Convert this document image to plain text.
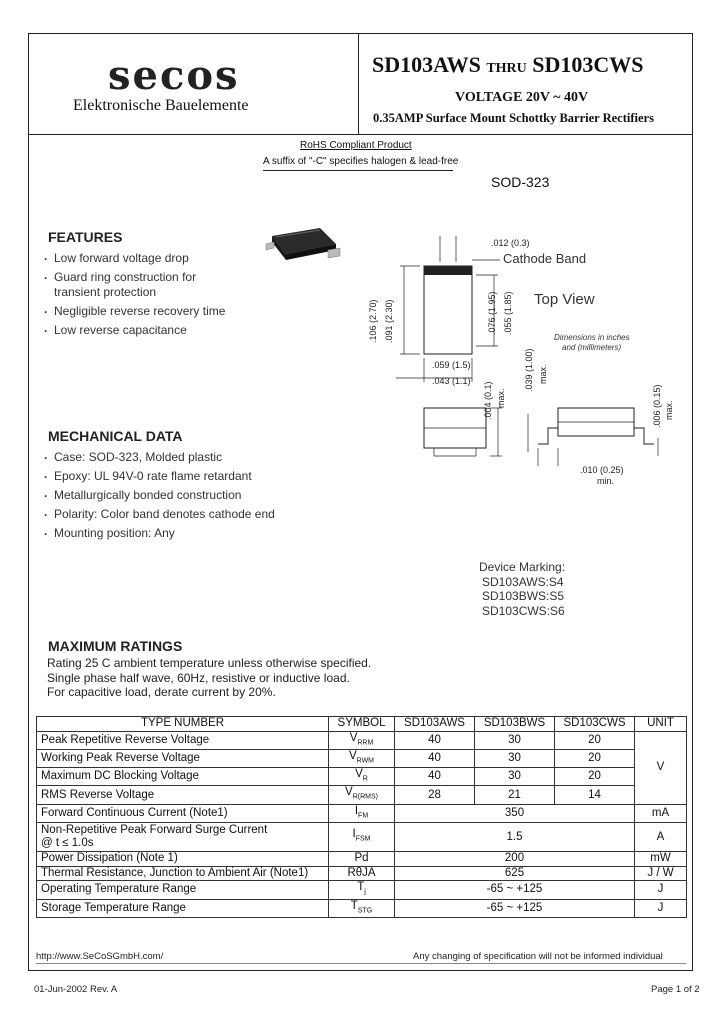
secos
Elektronische Bauelemente
SD103AWS THRU SD103CWS
VOLTAGE 20V ~ 40V
0.35AMP Surface Mount Schottky Barrier Rectifiers
RoHS Compliant Product
A suffix of "-C" specifies halogen & lead-free
SOD-323
FEATURES
. Low forward voltage drop
. Guard ring construction for
transient protection
. Negligible reverse recovery time
. Low reverse capacitance
.012 (0.3)
Cathode Band
Top View
.106 (2.70) .091 (2.30)	.076 (1.95) .055 (1.85)
Dimensions in inches
and (millimeters)
.059 (1.5)
.043 (1.1)	.039 (1.00) max.
.004 (0.1) max.	.006 (0.15) max.
.010 (0.25)
min.
MECHANICAL DATA
. Case: SOD-323, Molded plastic
. Epoxy: UL 94V-0 rate flame retardant
. Metallurgically bonded construction
. Polarity: Color band denotes cathode end
. Mounting position: Any
Device Marking:
SD103AWS:S4
SD103BWS:S5
SD103CWS:S6
MAXIMUM RATINGS
Rating 25 C ambient temperature unless otherwise specified.
Single phase half wave, 60Hz, resistive or inductive load.
For capacitive load, derate current by 20%.
TYPE NUMBER	SYMBOL	SD103AWS	SD103BWS	SD103CWS	UNIT
Peak Repetitive Reverse Voltage	$V_{RRM}$	40	30	20	V
Working Peak Reverse Voltage	$V_{RWM}$	40	30	20	
Maximum DC Blocking Voltage	$V_R$	40	30	20	
RMS Reverse Voltage	$V_{R(RMS)}$	28	21	14	
Forward Continuous Current (Note1)	$I_{FM}$	350			mA

Non-Repetitive Peak Forward Surge Current
@ t ≤ 1.0s	$I_{FSM}$	1.5			A
Power Dissipation (Note 1)	Pd	200			mW
Thermal Resistance, Junction to Ambient Air (Note1)	RθJA	625			J / W
Operating Temperature Range	$T_j$	-65 ~ +125			J
Storage Temperature Range	$T_{STG}$	-65 ~ +125			J
http://www.SeCoSGmbH.com/	Any changing of specification will not be informed individual
01-Jun-2002 Rev. A	Page 1 of 2
